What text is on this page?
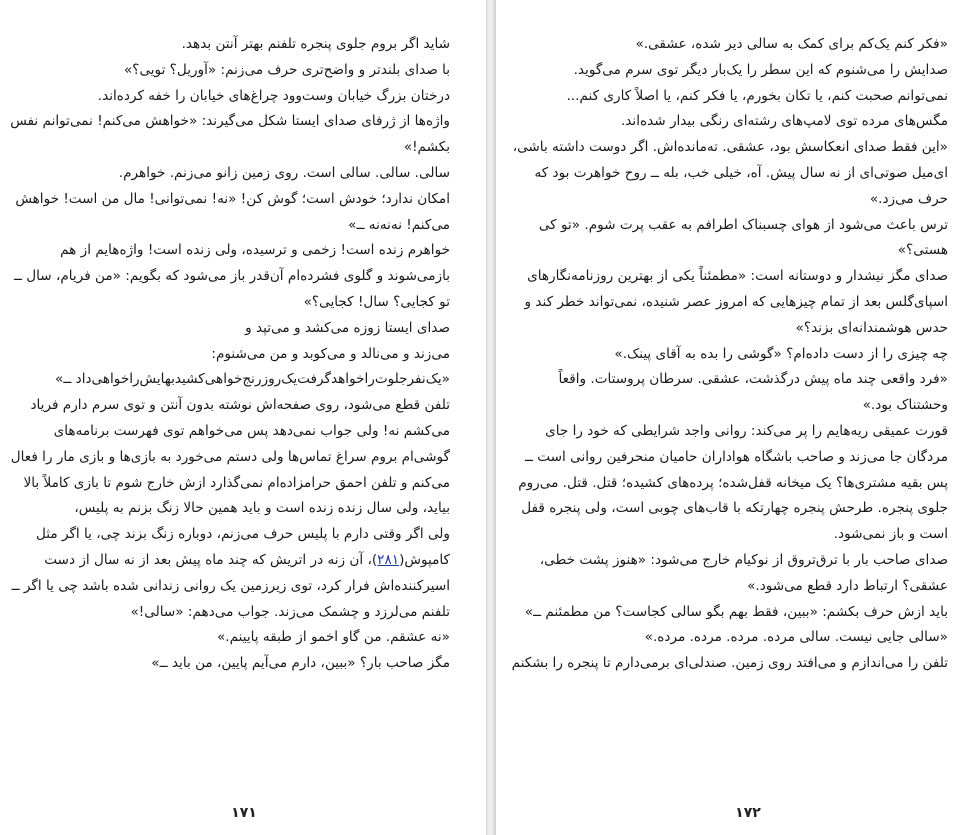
شاید اگر بروم جلوی پنجره تلفنم بهتر آنتن بدهد.
با صدای بلندتر و واضح‌تری حرف می‌زنم: «آوریل؟ تویی؟»
درختان بزرگ خیابان وست‌وود چراغ‌های خیابان را خفه کرده‌اند.
واژه‌ها از ژرفای صدای ایستا شکل می‌گیرند: «خواهش می‌کنم! نمی‌توانم نفس
بکشم!»
سالی. سالی. سالی است. روی زمین زانو می‌زنم. خواهرم.
امکان ندارد؛ خودش است؛ گوش کن! «نه! نمی‌توانی! مال من است! خواهش
می‌کنم! نه‌نه‌نه ــ»
خواهرم زنده است! زخمی و ترسیده، ولی زنده است! واژه‌هایم از هم
بازمی‌شوند و گلوی فشرده‌ام آن‌قدر باز می‌شود که بگویم: «من فریام، سال ــ
تو کجایی؟ سال! کجایی؟»
صدای ایستا زوزه می‌کشد و می‌تپد و
می‌زند و می‌نالد و می‌کوبد و من می‌شنوم:
«یک‌نفرجلوت‌راخواهدگرفت‌یک‌روزرنج‌خواهی‌کشیدبهایش‌راخواهی‌داد ــ»
تلفن قطع می‌شود، روی صفحه‌اش نوشته بدون آنتن و توی سرم دارم فریاد
می‌کشم نه! ولی جواب نمی‌دهد پس می‌خواهم توی فهرست برنامه‌های
گوشی‌ام بروم سراغ تماس‌ها ولی دستم می‌خورد به بازی‌ها و بازی مار را فعال
می‌کنم و تلفن احمق حرامزاده‌ام نمی‌گذارد ازش خارج شوم تا بازی کاملاً بالا
بیاید، ولی سال زنده زنده است و باید همین حالا زنگ بزنم به پلیس،
ولی اگر وقتی دارم با پلیس حرف می‌زنم، دوباره زنگ بزند چی، یا اگر مثل
کامپوش(۲۸۱)، آن زنه در اتریش که چند ماه پیش بعد از نه سال از دست
اسیرکننده‌اش فرار کرد، توی زیرزمین یک روانی زندانی شده باشد چی یا اگر ــ
تلفنم می‌لرزد و چشمک می‌زند. جواب می‌دهم: «سالی!»
«نه عشقم. من گاو اخمو از طبقه پایینم.»
مگز صاحب بار؟ «ببین، دارم می‌آیم پایین، من باید ــ»
۱۷۱
«فکر کنم یک‌کم برای کمک به سالی دیر شده، عشقی.»
صدایش را می‌شنوم که این سطر را یک‌بار دیگر توی سرم می‌گوید.
نمی‌توانم صحبت کنم، یا تکان بخورم، یا فکر کنم، یا اصلاً کاری کنم...
مگس‌های مرده توی لامپ‌های رشته‌ای رنگی بیدار شده‌اند.
«این فقط صدای انعکاسش بود، عشقی. ته‌مانده‌اش. اگر دوست داشته باشی،
ای‌میل صوتی‌ای از نه سال پیش. آه، خیلی خب، بله ــ روح خواهرت بود که
حرف می‌زد.»
ترس باعث می‌شود از هوای چسبناک اطرافم به عقب پرت شوم. «تو کی
هستی؟»
صدای مگز نیشدار و دوستانه است: «مطمئناً یکی از بهترین روزنامه‌نگارهای
اسپای‌گلس بعد از تمام چیزهایی که امروز عصر شنیده، نمی‌تواند خطر کند و
حدس هوشمندانه‌ای بزند؟»
چه چیزی را از دست داده‌ام؟ «گوشی را بده به آقای پینک.»
«فرد واقعی چند ماه پیش درگذشت، عشقی. سرطان پروستات. واقعاً
وحشتناک بود.»
قورت عمیقی ریه‌هایم را پر می‌کند: روانی واجد شرایطی که خود را جای
مردگان جا می‌زند و صاحب باشگاه هواداران حامیان منحرفین روانی است ــ
پس بقیه مشتری‌ها؟ یک میخانه قفل‌شده؛ پرده‌های کشیده؛ قتل. قتل. می‌روم
جلوی پنجره. طرحش پنجره چهارتکه با قاب‌های چوبی است، ولی پنجره قفل
است و باز نمی‌شود.
صدای صاحب بار با ترق‌تروق از نوکیام خارج می‌شود: «هنوز پشت خطی،
عشقی؟ ارتباط دارد قطع می‌شود.»
باید ازش حرف بکشم: «ببین، فقط بهم بگو سالی کجاست؟ من مطمئنم ــ»
«سالی جایی نیست. سالی مرده. مرده. مرده. مرده.»
تلفن را می‌اندازم و می‌افتد روی زمین. صندلی‌ای برمی‌دارم تا پنجره را بشکنم
۱۷۲
